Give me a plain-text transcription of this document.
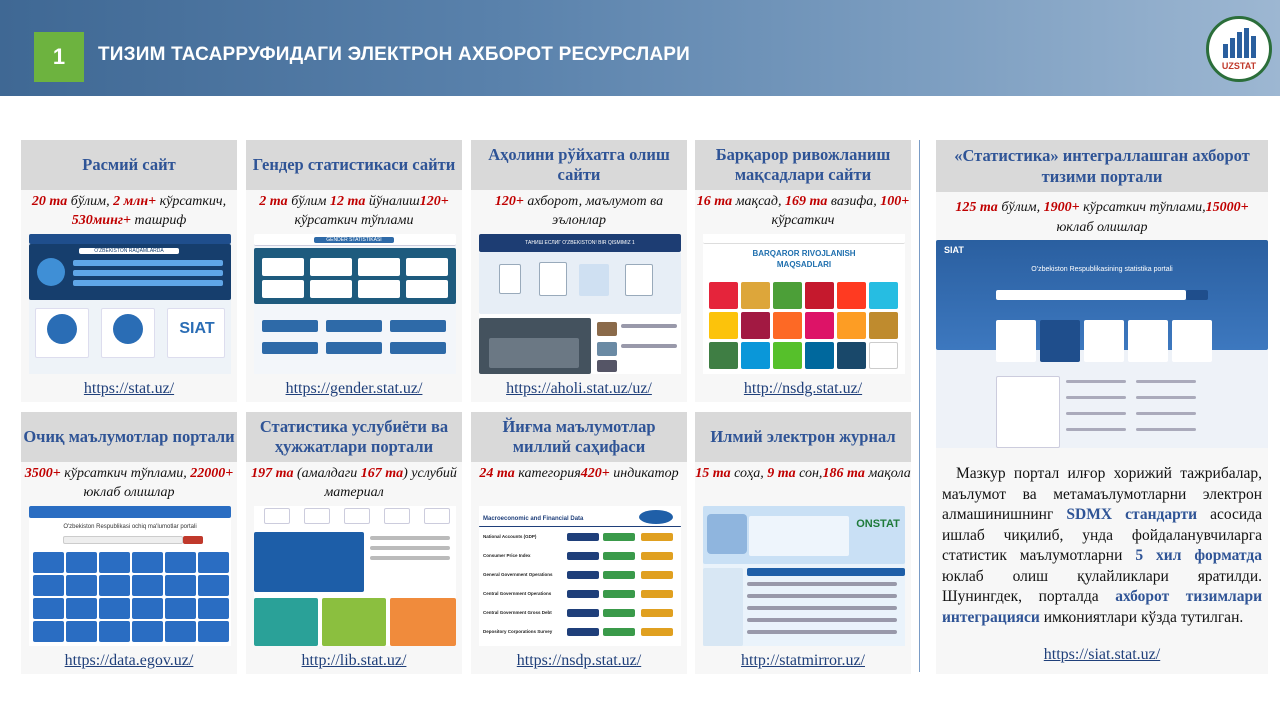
1	ТИЗИМ ТАСАРРУФИДАГИ ЭЛЕКТРОН АХБОРОТ РЕСУРСЛАРИ
UZSTAT
Расмий сайт
20 та бўлим, 2 млн+ кўрсаткич, 530минг+ ташриф
O'ZBEKISTON RAQAMLARDA
SIAT
https://stat.uz/
Гендер статистикаси сайти
2 та бўлим 12 та йўналиш120+ кўрсаткич тўплами
GENDER STATISTIKASI
https://gender.stat.uz/
Аҳолини рўйхатга олиш сайти
120+ ахборот, маълумот ва эълонлар
ТАНИШ ЕСЛИГ О'ZBEKISTON! BIR QISMIMIZ 1
https://aholi.stat.uz/uz/
Барқарор ривожланиш мақсадлари сайти
16 та мақсад, 169 та вазифа, 100+ кўрсаткич
BARQAROR RIVOJLANISH MAQSADLARI
http://nsdg.stat.uz/
Очиқ маълумотлар портали
3500+ кўрсаткич тўплами, 22000+ юклаб олишлар
O'zbekiston Respublikasi ochiq ma'lumotlar portali
https://data.egov.uz/
Статистика услубиёти ва ҳужжатлари портали
197 та (амалдаги 167 та) услубий материал
http://lib.stat.uz/
Йиғма маълумотлар миллий саҳифаси
24 та категория420+ индикатор
Macroeconomic and Financial Data
National Accounts (GDP)
Consumer Price Index
General Government Operations
Central Government Operations
Central Government Gross Debt
Depository Corporations Survey
https://nsdp.stat.uz/
Илмий электрон журнал
15 та соҳа, 9 та сон,186 та мақола
ONSTAT
http://statmirror.uz/
«Статистика» интеграллашган ахборот тизими портали
125 та бўлим, 1900+ кўрсаткич тўплами,15000+ юклаб олишлар
SIAT
O'zbekiston Respublikasining statistika portali
Мазкур портал илғор хорижий тажрибалар, маълумот ва метамаълумотларни электрон алмашинишнинг SDMX стандарти асосида ишлаб чиқилиб, унда фойдаланувчиларга статистик маълумотларни 5 хил форматда юклаб олиш қулайликлари яратилди. Шунингдек, порталда ахборот тизимлари интеграцияси имкониятлари кўзда тутилган.
https://siat.stat.uz/
